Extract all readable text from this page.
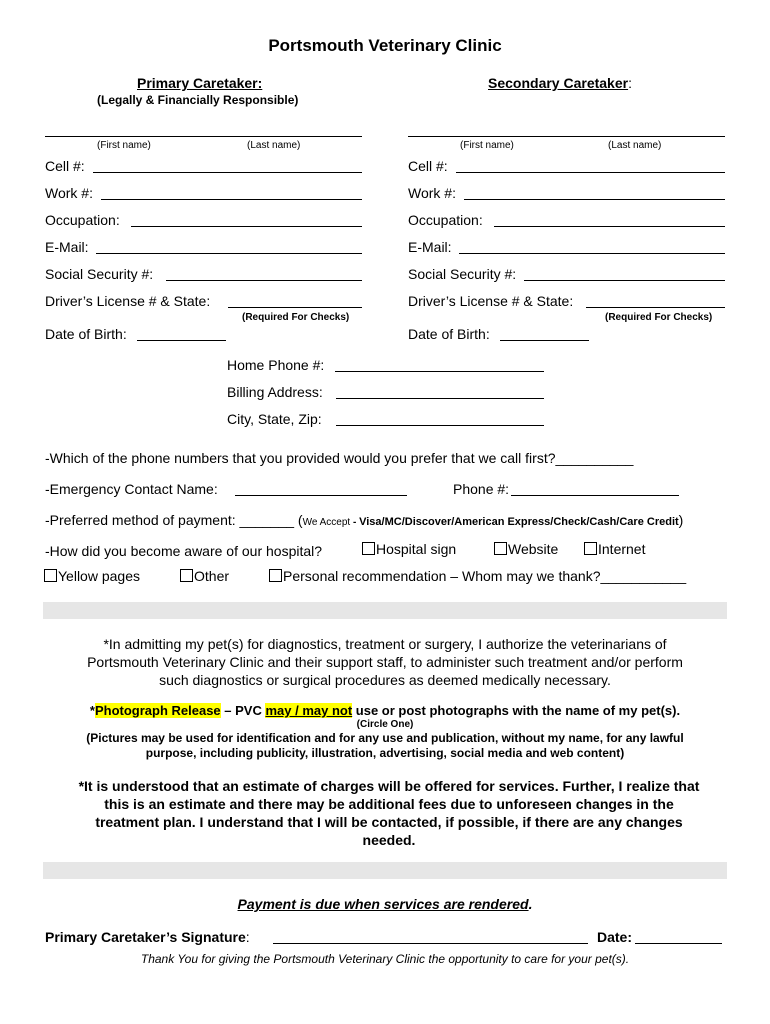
Portsmouth Veterinary Clinic
Primary Caretaker:
(Legally & Financially Responsible)
Secondary Caretaker:
(First name)	(Last name)	(First name)	(Last name)
Cell #:
Work #:
Occupation:
E-Mail:
Social Security #:
Driver’s License # & State:
(Required For Checks)
Date of Birth:
Cell #:
Work #:
Occupation:
E-Mail:
Social Security #:
Driver’s License # & State:
(Required For Checks)
Date of Birth:
Home Phone #:
Billing Address:
City, State, Zip:
-Which of the phone numbers that you provided would you prefer that we call first?__________
-Emergency Contact Name:	Phone #:
-Preferred method of payment: _______ (We Accept - Visa/MC/Discover/American Express/Check/Cash/Care Credit)
-How did you become aware of our hospital?	Hospital sign	Website	Internet
Yellow pages	Other	Personal recommendation – Whom may we thank?___________
*In admitting my pet(s) for diagnostics, treatment or surgery, I authorize the veterinarians of
Portsmouth Veterinary Clinic and their support staff, to administer such treatment and/or perform
such diagnostics or surgical procedures as deemed medically necessary.
*Photograph Release – PVC may / may not use or post photographs with the name of my pet(s).
(Circle One)
(Pictures may be used for identification and for any use and publication, without my name, for any lawful
purpose, including publicity, illustration, advertising, social media and web content)
*It is understood that an estimate of charges will be offered for services. Further, I realize that
this is an estimate and there may be additional fees due to unforeseen changes in the
treatment plan. I understand that I will be contacted, if possible, if there are any changes
needed.
Payment is due when services are rendered.
Primary Caretaker’s Signature:	Date:
Thank You for giving the Portsmouth Veterinary Clinic the opportunity to care for your pet(s).
